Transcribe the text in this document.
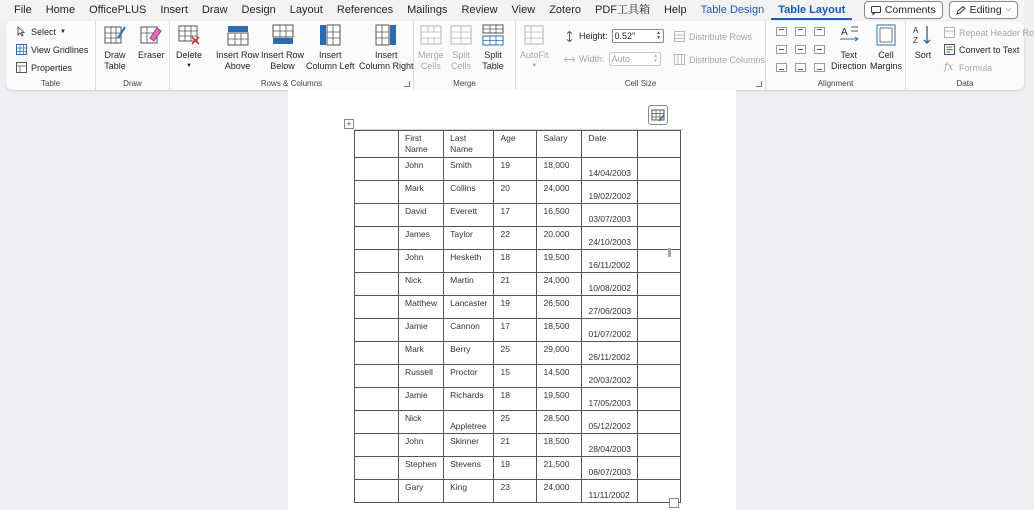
File	Home	OfficePLUS	Insert	Draw	Design	Layout	References	Mailings	Review	View	Zotero	PDF工具箱	Help	Table Design	Table Layout	Comments	Editing ⌵
Select ▼
View Gridlines
Properties
Table
Draw
Table
Eraser
Draw
Delete
▼
Insert Row
Above
Insert Row
Below
Insert
Column Left
Insert
Column Right
Rows & Columns
Merge
Cells
Split
Cells
Split
Table
Merge
AutoFit
▼
Height: 0.52"	▲
▼
Width: Auto	▲
▼
Distribute Rows
Distribute Columns
Cell Size
A
Text
Direction
Cell
Margins
Alignment
A
Z
Sort
Repeat Header Ro
Convert to Text
fx Formula
Data
+
	First Name	Last Name	Age	Salary	Date	
	John	Smith	19	18,000	14/04/2003	
	Mark	Collins	20	24,000	19/02/2002	
	David	Everett	17	16,500	03/07/2003	
	James	Taylor	22	20,000	24/10/2003	
	John	Hesketh	18	19,500	16/11/2002	
	Nick	Martin	21	24,000	10/08/2002	
	Matthew	Lancaster	19	26,500	27/06/2003	
	Jamie	Cannon	17	18,500	01/07/2002	
	Mark	Berry	25	29,000	26/11/2002	
	Russell	Proctor	15	14,500	20/03/2002	
	Jamie	Richards	18	19,500	17/05/2003	
	Nick	Appletree	25	28,500	05/12/2002	
	John	Skinner	21	18,500	28/04/2003	
	Stephen	Stevens	19	21,500	08/07/2003	
	Gary	King	23	24,000	11/11/2002	
